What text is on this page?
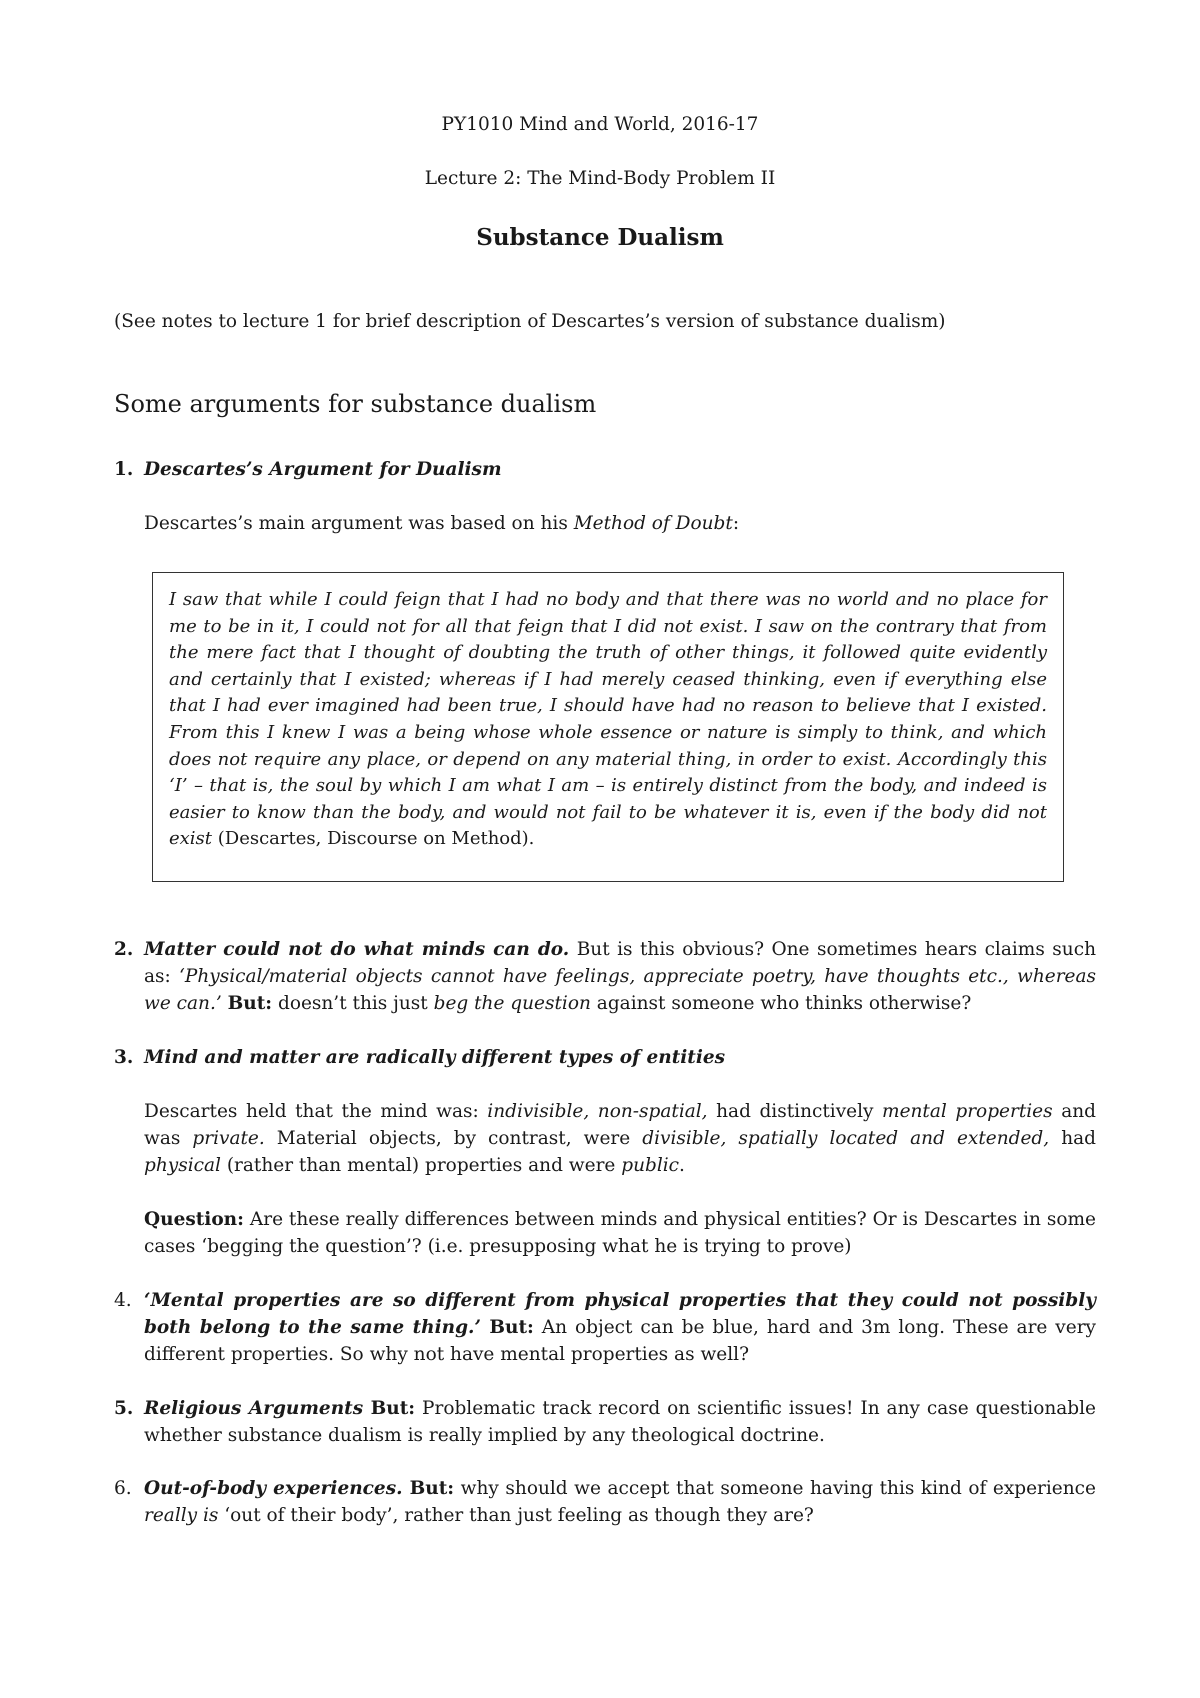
PY1010 Mind and World, 2016-17
Lecture 2: The Mind-Body Problem II
Substance Dualism
(See notes to lecture 1 for brief description of Descartes’s version of substance dualism)
Some arguments for substance dualism
1. Descartes’s Argument for Dualism

Descartes’s main argument was based on his Method of Doubt:

I saw that while I could feign that I had no body and that there was no world and no place for me to be in it, I could not for all that feign that I did not exist. I saw on the contrary that from the mere fact that I thought of doubting the truth of other things, it followed quite evidently and certainly that I existed; whereas if I had merely ceased thinking, even if everything else that I had ever imagined had been true, I should have had no reason to believe that I existed. From this I knew I was a being whose whole essence or nature is simply to think, and which does not require any place, or depend on any material thing, in order to exist. Accordingly this ‘I’ – that is, the soul by which I am what I am – is entirely distinct from the body, and indeed is easier to know than the body, and would not fail to be whatever it is, even if the body did not exist (Descartes, Discourse on Method).
2. Matter could not do what minds can do. But is this obvious? One sometimes hears claims such as: ‘Physical/material objects cannot have feelings, appreciate poetry, have thoughts etc., whereas we can.’ But: doesn’t this just beg the question against someone who thinks otherwise?

3. Mind and matter are radically different types of entities

Descartes held that the mind was: indivisible, non-spatial, had distinctively mental properties and was private. Material objects, by contrast, were divisible, spatially located and extended, had physical (rather than mental) properties and were public.

Question: Are these really differences between minds and physical entities? Or is Descartes in some cases ‘begging the question’? (i.e. presupposing what he is trying to prove)

4. ‘Mental properties are so different from physical properties that they could not possibly both belong to the same thing.’ But: An object can be blue, hard and 3m long. These are very different properties. So why not have mental properties as well?

5. Religious Arguments But: Problematic track record on scientific issues! In any case questionable whether substance dualism is really implied by any theological doctrine.

6. Out-of-body experiences. But: why should we accept that someone having this kind of experience really is ‘out of their body’, rather than just feeling as though they are?
